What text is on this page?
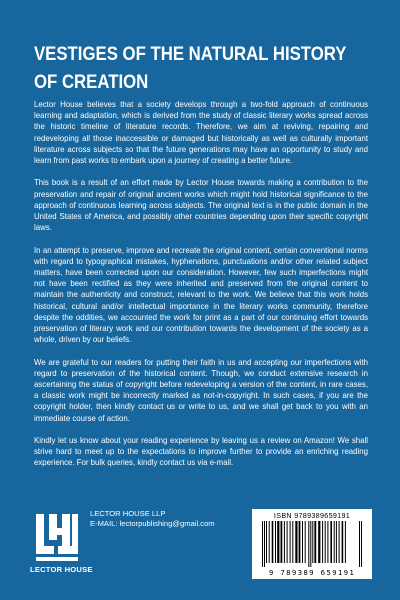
VESTIGES OF THE NATURAL HISTORY
OF CREATION

Lector House believes that a society develops through a two-fold approach of continuous learning and adaptation, which is derived from the study of classic literary works spread across the historic timeline of literature records. Therefore, we aim at reviving, repairing and redeveloping all those inaccessible or damaged but historically as well as culturally important literature across subjects so that the future generations may have an opportunity to study and learn from past works to embark upon a journey of creating a better future.

This book is a result of an effort made by Lector House towards making a contribution to the preservation and repair of original ancient works which might hold historical significance to the approach of continuous learning across subjects. The original text is in the public domain in the United States of America, and possibly other countries depending upon their specific copyright laws.

In an attempt to preserve, improve and recreate the original content, certain conventional norms with regard to typographical mistakes, hyphenations, punctuations and/or other related subject matters, have been corrected upon our consideration. However, few such imperfections might not have been rectified as they were inherited and preserved from the original content to maintain the authenticity and construct, relevant to the work. We believe that this work holds historical, cultural and/or intellectual importance in the literary works community, therefore despite the oddities, we accounted the work for print as a part of our continuing effort towards preservation of literary work and our contribution towards the development of the society as a whole, driven by our beliefs.

We are grateful to our readers for putting their faith in us and accepting our imperfections with regard to preservation of the historical content. Though, we conduct extensive research in ascertaining the status of copyright before redeveloping a version of the content, in rare cases, a classic work might be incorrectly marked as not-in-copyright. In such cases, if you are the copyright holder, then kindly contact us or write to us, and we shall get back to you with an immediate course of action.

Kindly let us know about your reading experience by leaving us a review on Amazon! We shall strive hard to meet up to the expectations to improve further to provide an enriching reading experience. For bulk queries, kindly contact us via e-mail.

LECTOR HOUSE
LECTOR HOUSE LLP
E-MAIL: lectorpublishing@gmail.com
ISBN 9789389659191
9 789389 659191
